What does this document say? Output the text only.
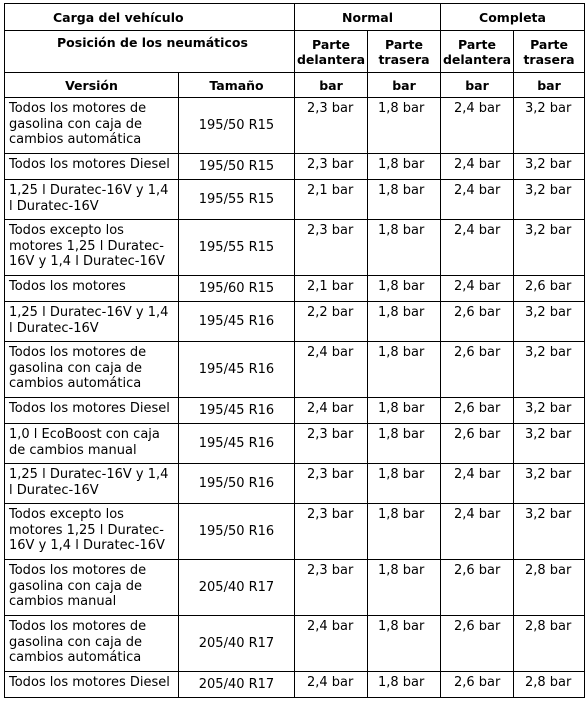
Carga del vehículo		Normal		Completa	
Posición de los neumáticos		Parte delantera	Parte trasera	Parte delantera	Parte trasera
Versión	Tamaño	bar	bar	bar	bar
Todos los motores de gasolina con caja de cambios automática	195/50 R15	2,3 bar	1,8 bar	2,4 bar	3,2 bar
Todos los motores Diesel	195/50 R15	2,3 bar	1,8 bar	2,4 bar	3,2 bar
1,25 l Duratec-16V y 1,4 l Duratec-16V	195/55 R15	2,1 bar	1,8 bar	2,4 bar	3,2 bar
Todos excepto los motores 1,25 l Duratec-16V y 1,4 l Duratec-16V	195/55 R15	2,3 bar	1,8 bar	2,4 bar	3,2 bar
Todos los motores	195/60 R15	2,1 bar	1,8 bar	2,4 bar	2,6 bar
1,25 l Duratec-16V y 1,4 l Duratec-16V	195/45 R16	2,2 bar	1,8 bar	2,6 bar	3,2 bar
Todos los motores de gasolina con caja de cambios automática	195/45 R16	2,4 bar	1,8 bar	2,6 bar	3,2 bar
Todos los motores Diesel	195/45 R16	2,4 bar	1,8 bar	2,6 bar	3,2 bar
1,0 l EcoBoost con caja de cambios manual	195/45 R16	2,3 bar	1,8 bar	2,6 bar	3,2 bar
1,25 l Duratec-16V y 1,4 l Duratec-16V	195/50 R16	2,3 bar	1,8 bar	2,4 bar	3,2 bar
Todos excepto los motores 1,25 l Duratec-16V y 1,4 l Duratec-16V	195/50 R16	2,3 bar	1,8 bar	2,4 bar	3,2 bar
Todos los motores de gasolina con caja de cambios manual	205/40 R17	2,3 bar	1,8 bar	2,6 bar	2,8 bar
Todos los motores de gasolina con caja de cambios automática	205/40 R17	2,4 bar	1,8 bar	2,6 bar	2,8 bar
Todos los motores Diesel	205/40 R17	2,4 bar	1,8 bar	2,6 bar	2,8 bar
